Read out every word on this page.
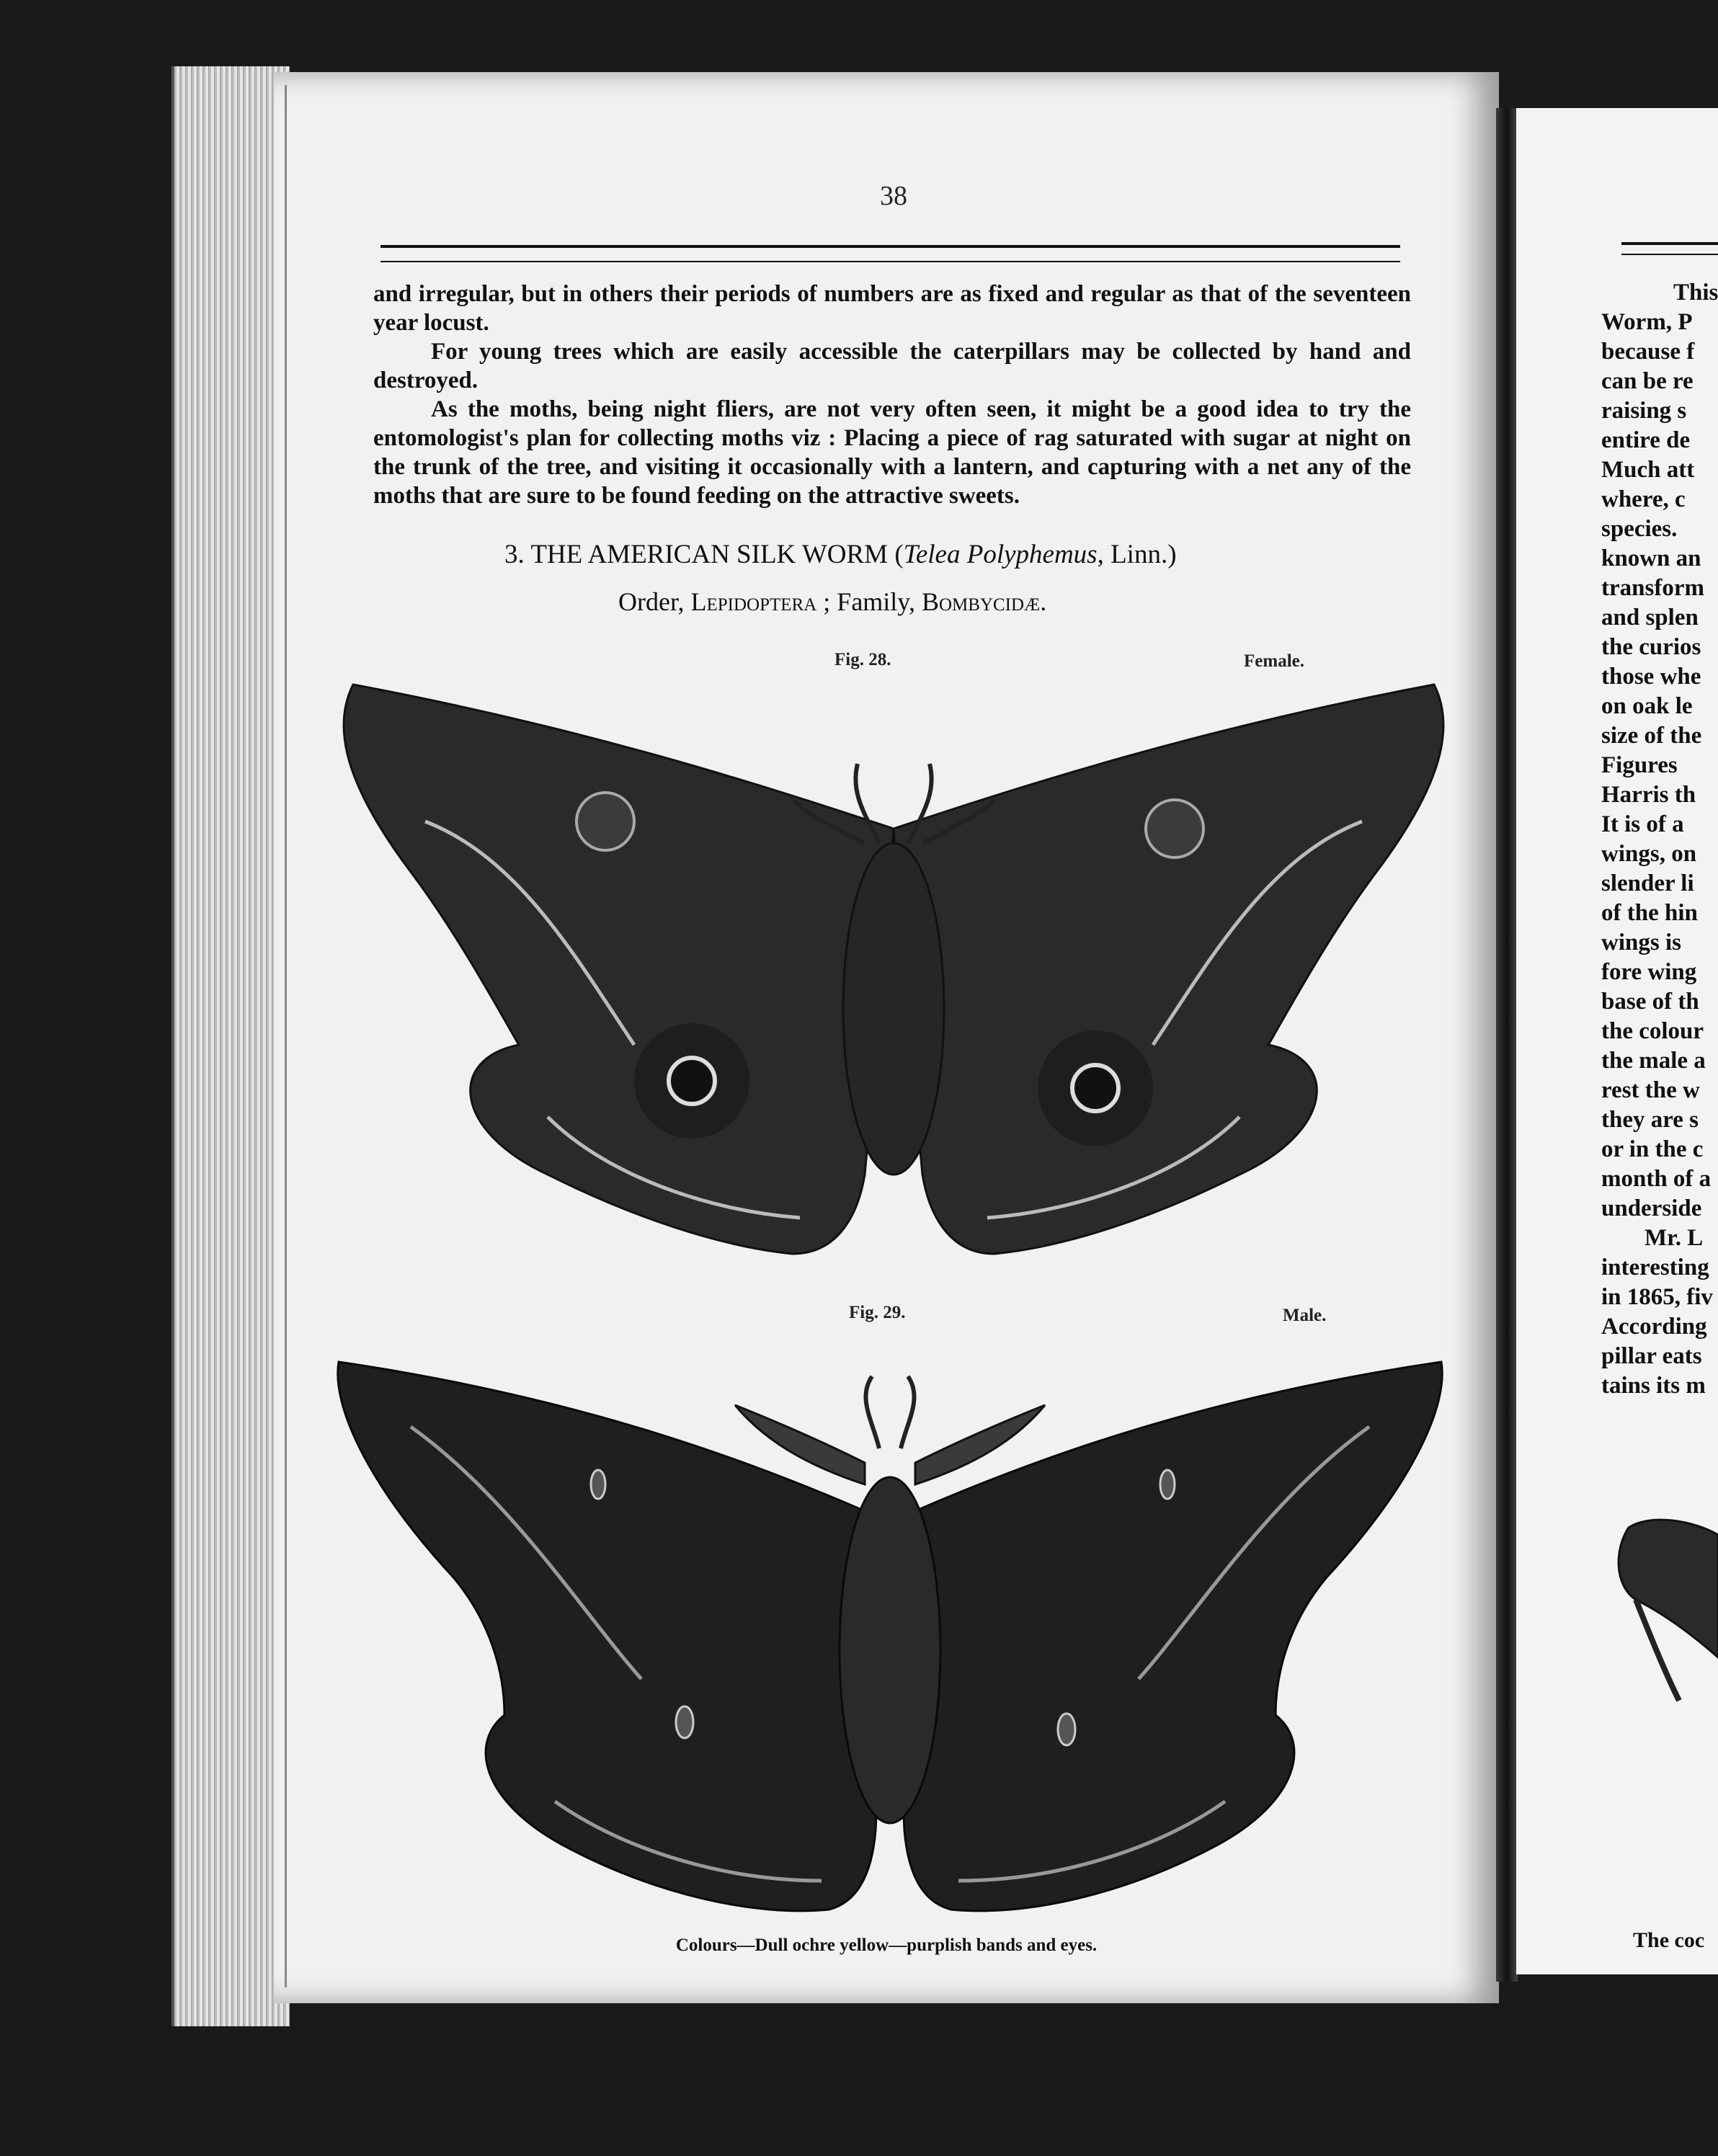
38

and irregular, but in others their periods of numbers are as fixed and regular as that of the seventeen year locust.

For young trees which are easily accessible the caterpillars may be collected by hand and destroyed.

As the moths, being night fliers, are not very often seen, it might be a good idea to try the entomologist's plan for collecting moths viz : Placing a piece of rag saturated with sugar at night on the trunk of the tree, and visiting it occasionally with a lantern, and capturing with a net any of the moths that are sure to be found feeding on the attractive sweets.

3. THE AMERICAN SILK WORM (Telea Polyphemus, Linn.)
Order, Lepidoptera ; Family, Bombycidæ.
Fig. 28.	Female.
Fig. 29.	Male.
Colours—Dull ochre yellow—purplish bands and eyes.
This
Worm, P
because f
can be re
raising s
entire de
Much att
where, c
species.
known an
transform
and splen
the curios
those whe
on oak le
size of the
Figures
Harris th
It is of a
wings, on
slender li
of the hin
wings is
fore wing
base of th
the colour
the male a
rest the w
they are s
or in the c
month of a
underside
Mr. L
interesting
in 1865, fiv
According
pillar eats
tains its m
The coc
